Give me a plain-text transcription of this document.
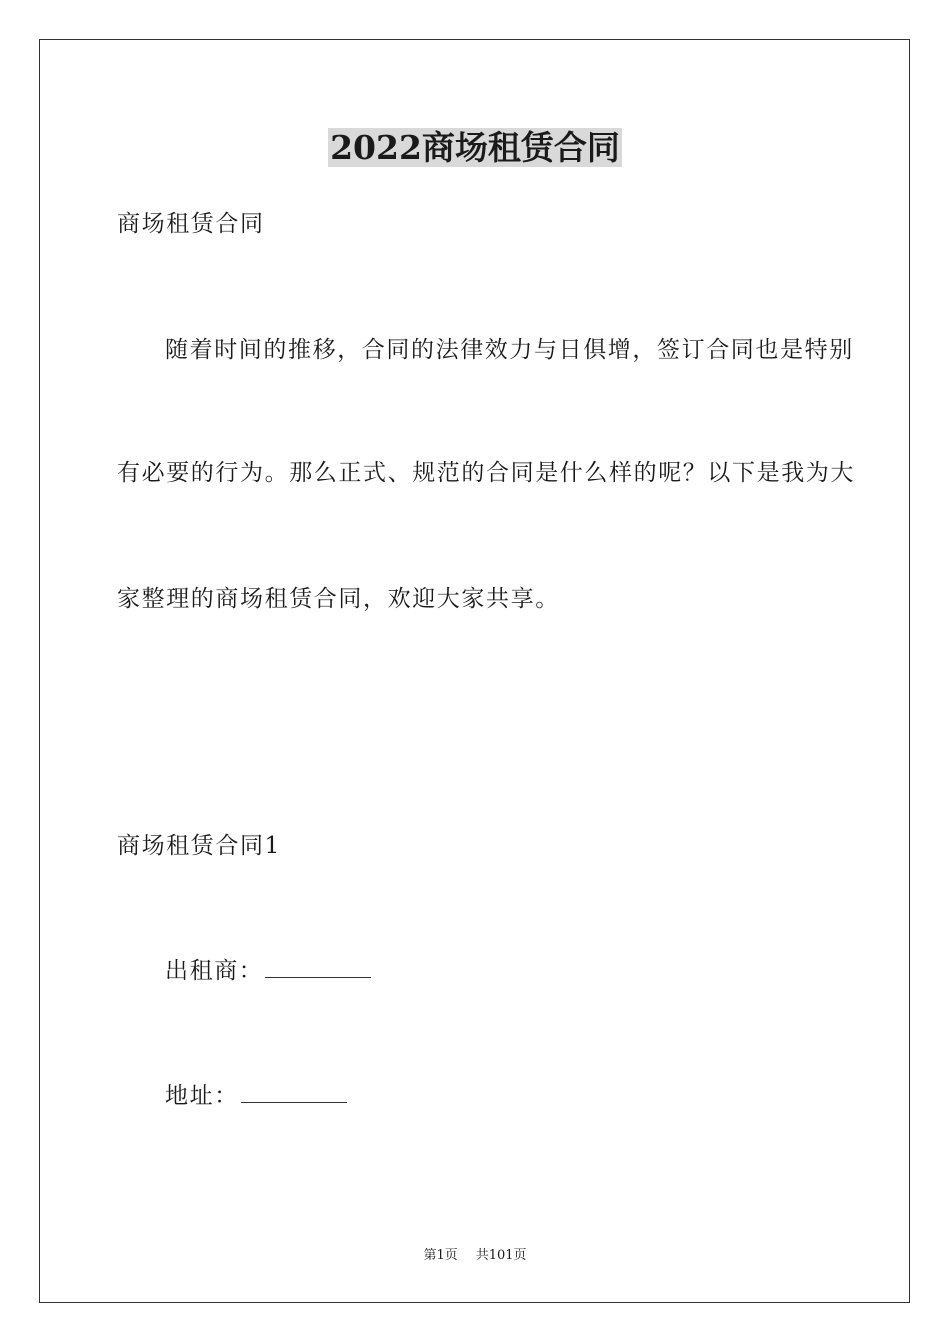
2022商场租赁合同

商场租赁合同

随着时间的推移，合同的法律效力与日俱增，签订合同也是特别

有必要的行为。那么正式、规范的合同是什么样的呢？以下是我为大

家整理的商场租赁合同，欢迎大家共享。

商场租赁合同1

出租商：

地址：

第1页 共101页
